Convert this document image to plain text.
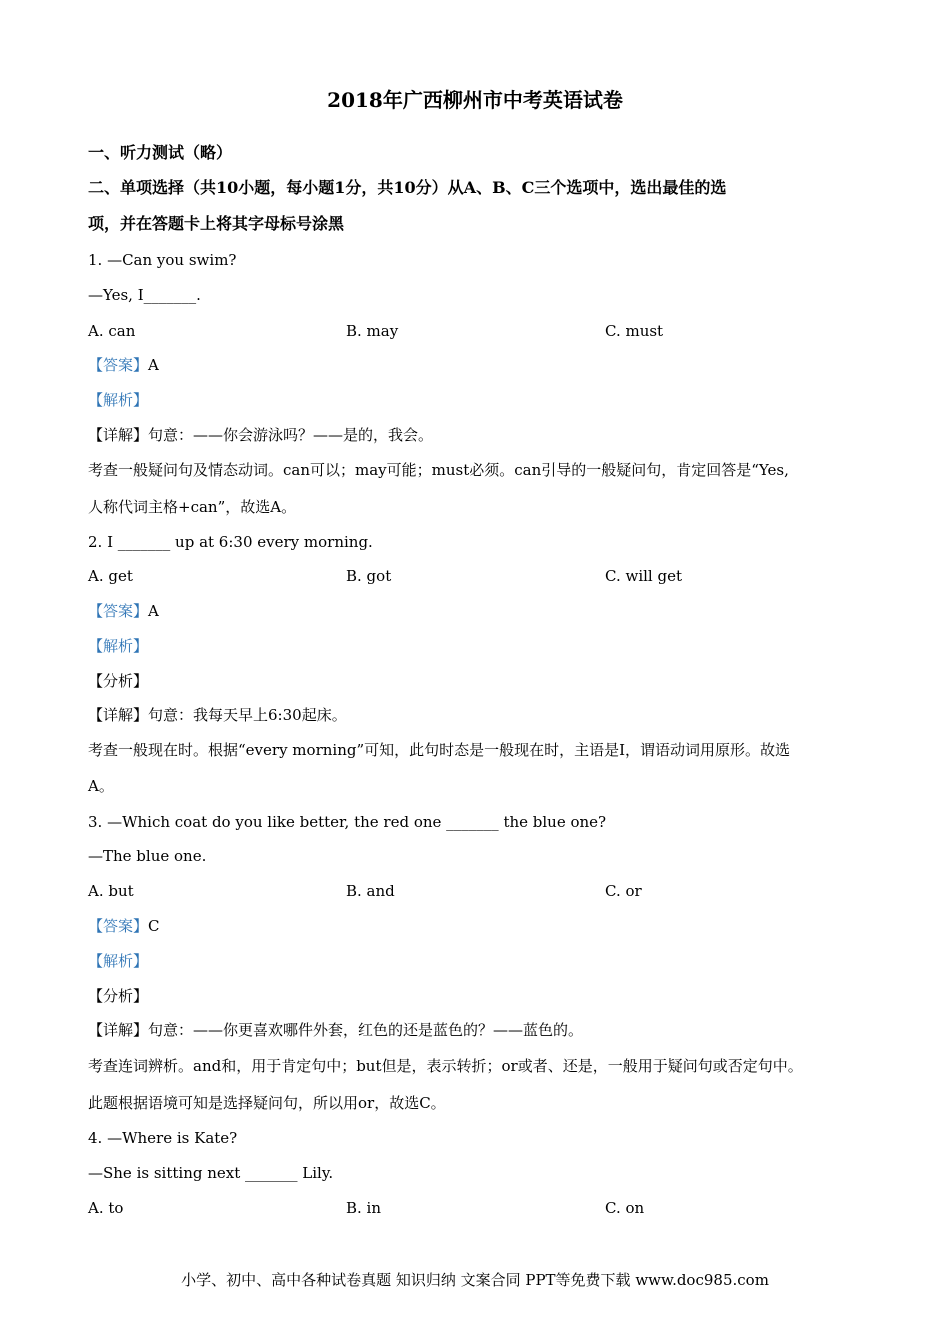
2018年广西柳州市中考英语试卷
一、听力测试（略）
二、单项选择（共10小题，每小题1分，共10分）从A、B、C三个选项中，选出最佳的选
项，并在答题卡上将其字母标号涂黑
1. —Can you swim?
—Yes, I_______.
A. can	B. may	C. must
【答案】A
【解析】
【详解】句意：——你会游泳吗？——是的，我会。
考查一般疑问句及情态动词。can可以；may可能；must必须。can引导的一般疑问句，肯定回答是“Yes,
人称代词主格+can”，故选A。
2. I _______ up at 6:30 every morning.
A. get	B. got	C. will get
【答案】A
【解析】
【分析】
【详解】句意：我每天早上6:30起床。
考查一般现在时。根据“every morning”可知，此句时态是一般现在时，主语是I，谓语动词用原形。故选
A。
3. —Which coat do you like better, the red one _______ the blue one?
—The blue one.
A. but	B. and	C. or
【答案】C
【解析】
【分析】
【详解】句意：——你更喜欢哪件外套，红色的还是蓝色的？——蓝色的。
考查连词辨析。and和，用于肯定句中；but但是，表示转折；or或者、还是，一般用于疑问句或否定句中。
此题根据语境可知是选择疑问句，所以用or，故选C。
4. —Where is Kate?
—She is sitting next _______ Lily.
A. to	B. in	C. on
小学、初中、高中各种试卷真题 知识归纳 文案合同 PPT等免费下载 www.doc985.com
